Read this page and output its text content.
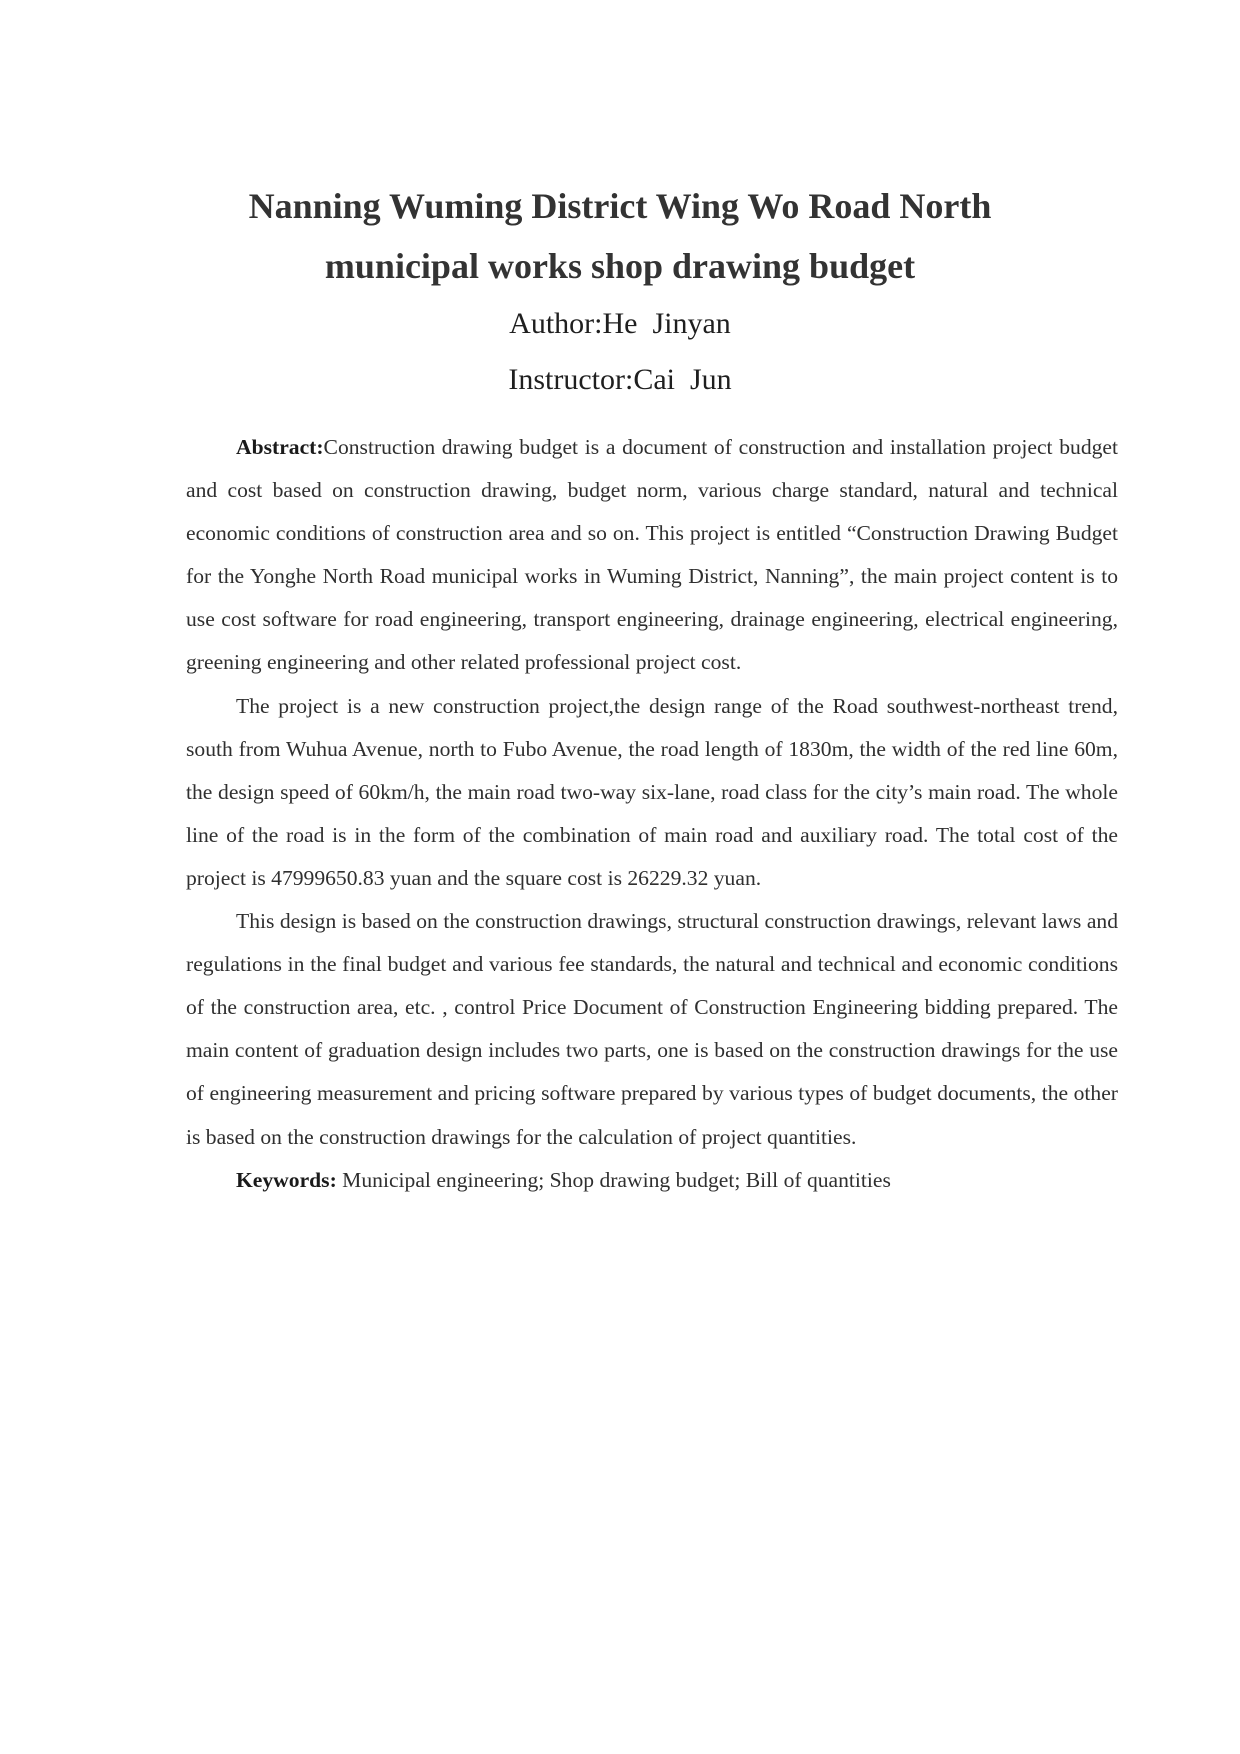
Nanning Wuming District Wing Wo Road North
municipal works shop drawing budget
Author:He  Jinyan
Instructor:Cai  Jun

Abstract:Construction drawing budget is a document of construction and installation project budget and cost based on construction drawing, budget norm, various charge standard, natural and technical economic conditions of construction area and so on. This project is entitled “Construction Drawing Budget for the Yonghe North Road municipal works in Wuming District, Nanning”, the main project content is to use cost software for road engineering, transport engineering, drainage engineering, electrical engineering, greening engineering and other related professional project cost.

The project is a new construction project,the design range of the Road southwest-northeast trend, south from Wuhua Avenue, north to Fubo Avenue, the road length of 1830m, the width of the red line 60m, the design speed of 60km/h, the main road two-way six-lane, road class for the city’s main road. The whole line of the road is in the form of the combination of main road and auxiliary road. The total cost of the project is 47999650.83 yuan and the square cost is 26229.32 yuan.

This design is based on the construction drawings, structural construction drawings, relevant laws and regulations in the final budget and various fee standards, the natural and technical and economic conditions of the construction area, etc. , control Price Document of Construction Engineering bidding prepared. The main content of graduation design includes two parts, one is based on the construction drawings for the use of engineering measurement and pricing software prepared by various types of budget documents, the other is based on the construction drawings for the calculation of project quantities.

Keywords: Municipal engineering; Shop drawing budget; Bill of quantities
